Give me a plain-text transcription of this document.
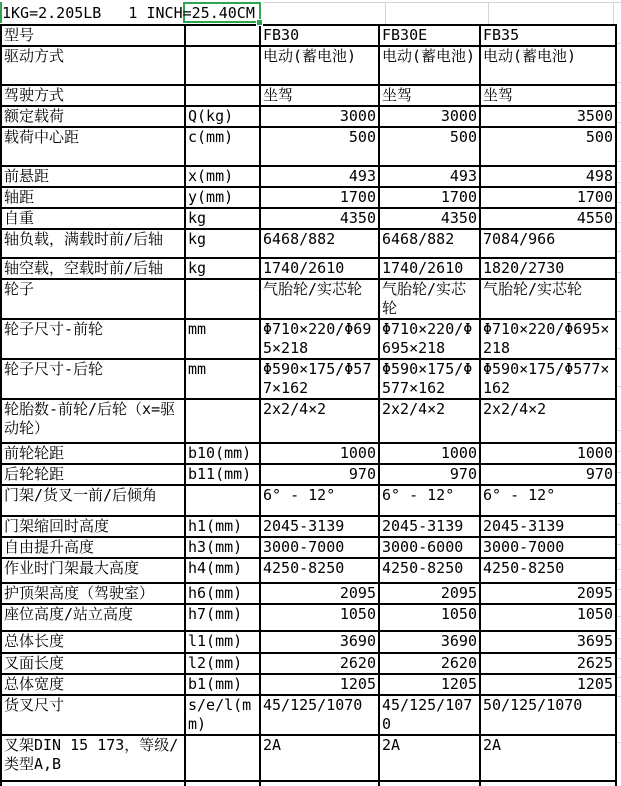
1KG=2.205LB   1 INCH=25.40CM
型号		FB30	FB30E	FB35
驱动方式		电动(蓄电池)	电动(蓄电池)	电动(蓄电池)
驾驶方式		坐驾	坐驾	坐驾
额定载荷	Q(kg)	3000	3000	3500
载荷中心距	c(mm)	500	500	500
前悬距	x(mm)	493	493	498
轴距	y(mm)	1700	1700	1700
自重	kg	4350	4350	4550
轴负载，满载时前/后轴	kg	6468/882	6468/882	7084/966
轴空载，空载时前/后轴	kg	1740/2610	1740/2610	1820/2730
轮子		气胎轮/实芯轮	气胎轮/实芯轮	气胎轮/实芯轮
轮子尺寸-前轮	mm	Φ710×220/Φ695×218	Φ710×220/Φ695×218	Φ710×220/Φ695×218
轮子尺寸-后轮	mm	Φ590×175/Φ577×162	Φ590×175/Φ577×162	Φ590×175/Φ577×162
轮胎数-前轮/后轮（x=驱动轮）		2x2/4×2	2x2/4×2	2x2/4×2
前轮轮距	b10(mm)	1000	1000	1000
后轮轮距	b11(mm)	970	970	970
门架/货叉一前/后倾角		6° - 12°	6° - 12°	6° - 12°
门架缩回时高度	h1(mm)	2045-3139	2045-3139	2045-3139
自由提升高度	h3(mm)	3000-7000	3000-6000	3000-7000
作业时门架最大高度	h4(mm)	4250-8250	4250-8250	4250-8250
护顶架高度（驾驶室）	h6(mm)	2095	2095	2095
座位高度/站立高度	h7(mm)	1050	1050	1050
总体长度	l1(mm)	3690	3690	3695
叉面长度	l2(mm)	2620	2620	2625
总体宽度	b1(mm)	1205	1205	1205
货叉尺寸	s/e/l(mm)	45/125/1070	45/125/1070	50/125/1070
叉架DIN 15 173，等级/类型A,B		2A	2A	2A
